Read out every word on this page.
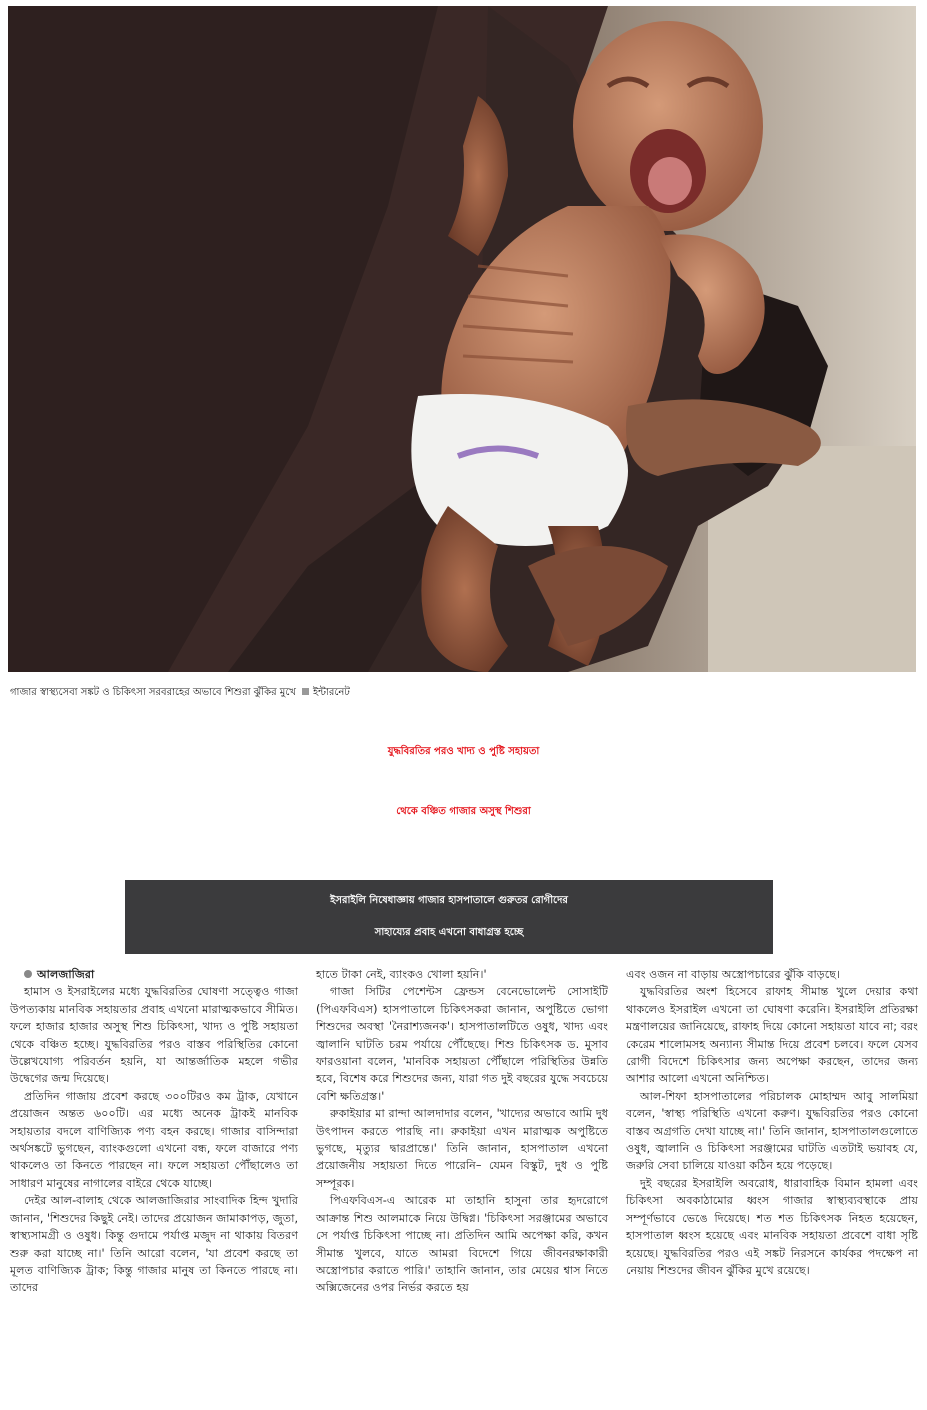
গাজার স্বাস্থ্যসেবা সঙ্কট ও চিকিৎসা সরবরাহের অভাবে শিশুরা ঝুঁকির মুখে ইন্টারনেট
যুদ্ধবিরতির পরও খাদ্য ও পুষ্টি সহায়তা
থেকে বঞ্চিত গাজার অসুস্থ শিশুরা
ইসরাইলি নিষেধাজ্ঞায় গাজার হাসপাতালে গুরুতর রোগীদের
সাহায্যের প্রবাহ এখনো বাধাগ্রস্ত হচ্ছে

আলজাজিরা

হামাস ও ইসরাইলের মধ্যে যুদ্ধবিরতির ঘোষণা সত্ত্বেও গাজা উপত্যকায় মানবিক সহায়তার প্রবাহ এখনো মারাত্মকভাবে সীমিত। ফলে হাজার হাজার অসুস্থ শিশু চিকিৎসা, খাদ্য ও পুষ্টি সহায়তা থেকে বঞ্চিত হচ্ছে। যুদ্ধবিরতির পরও বাস্তব পরিস্থিতির কোনো উল্লেখযোগ্য পরিবর্তন হয়নি, যা আন্তর্জাতিক মহলে গভীর উদ্বেগের জন্ম দিয়েছে।

প্রতিদিন গাজায় প্রবেশ করছে ৩০০টিরও কম ট্রাক, যেখানে প্রয়োজন অন্তত ৬০০টি। এর মধ্যে অনেক ট্রাকই মানবিক সহায়তার বদলে বাণিজ্যিক পণ্য বহন করছে। গাজার বাসিন্দারা অর্থসঙ্কটে ভুগছেন, ব্যাংকগুলো এখনো বন্ধ, ফলে বাজারে পণ্য থাকলেও তা কিনতে পারছেন না। ফলে সহায়তা পৌঁছালেও তা সাধারণ মানুষের নাগালের বাইরে থেকে যাচ্ছে।

দেইর আল-বালাহ থেকে আলজাজিরার সাংবাদিক হিন্দ খুদারি জানান, 'শিশুদের কিছুই নেই। তাদের প্রয়োজন জামাকাপড়, জুতা, স্বাস্থ্যসামগ্রী ও ওষুধ। কিন্তু গুদামে পর্যাপ্ত মজুদ না থাকায় বিতরণ শুরু করা যাচ্ছে না।' তিনি আরো বলেন, 'যা প্রবেশ করছে তা মূলত বাণিজ্যিক ট্রাক; কিন্তু গাজার মানুষ তা কিনতে পারছে না। তাদের

হাতে টাকা নেই, ব্যাংকও খোলা হয়নি।'

গাজা সিটির পেশেন্টস ফ্রেন্ডস বেনেভোলেন্ট সোসাইটি (পিএফবিএস) হাসপাতালে চিকিৎসকরা জানান, অপুষ্টিতে ভোগা শিশুদের অবস্থা 'নৈরাশ্যজনক'। হাসপাতালটিতে ওষুধ, খাদ্য এবং জ্বালানি ঘাটতি চরম পর্যায়ে পৌঁছেছে। শিশু চিকিৎসক ড. মুসাব ফারওয়ানা বলেন, 'মানবিক সহায়তা পৌঁছালে পরিস্থিতির উন্নতি হবে, বিশেষ করে শিশুদের জন্য, যারা গত দুই বছরের যুদ্ধে সবচেয়ে বেশি ক্ষতিগ্রস্ত।'

রুকাইয়ার মা রান্দা আলদাদার বলেন, 'খাদ্যের অভাবে আমি দুধ উৎপাদন করতে পারছি না। রুকাইয়া এখন মারাত্মক অপুষ্টিতে ভুগছে, মৃত্যুর দ্বারপ্রান্তে।' তিনি জানান, হাসপাতাল এখনো প্রয়োজনীয় সহায়তা দিতে পারেনি– যেমন বিস্কুট, দুধ ও পুষ্টি সম্পূরক।

পিএফবিএস-এ আরেক মা তাহানি হাসুনা তার হৃদরোগে আক্রান্ত শিশু আলমাকে নিয়ে উদ্বিগ্ন। 'চিকিৎসা সরঞ্জামের অভাবে সে পর্যাপ্ত চিকিৎসা পাচ্ছে না। প্রতিদিন আমি অপেক্ষা করি, কখন সীমান্ত খুলবে, যাতে আমরা বিদেশে গিয়ে জীবনরক্ষাকারী অস্ত্রোপচার করাতে পারি।' তাহানি জানান, তার মেয়ের শ্বাস নিতে অক্সিজেনের ওপর নির্ভর করতে হয়

এবং ওজন না বাড়ায় অস্ত্রোপচারের ঝুঁকি বাড়ছে।

যুদ্ধবিরতির অংশ হিসেবে রাফাহ সীমান্ত খুলে দেয়ার কথা থাকলেও ইসরাইল এখনো তা ঘোষণা করেনি। ইসরাইলি প্রতিরক্ষা মন্ত্রণালয়ের জানিয়েছে, রাফাহ দিয়ে কোনো সহায়তা যাবে না; বরং কেরেম শালোমসহ অন্যান্য সীমান্ত দিয়ে প্রবেশ চলবে। ফলে যেসব রোগী বিদেশে চিকিৎসার জন্য অপেক্ষা করছেন, তাদের জন্য আশার আলো এখনো অনিশ্চিত।

আল-শিফা হাসপাতালের পরিচালক মোহাম্মদ আবু সালমিয়া বলেন, 'স্বাস্থ্য পরিস্থিতি এখনো করুণ। যুদ্ধবিরতির পরও কোনো বাস্তব অগ্রগতি দেখা যাচ্ছে না।' তিনি জানান, হাসপাতালগুলোতে ওষুধ, জ্বালানি ও চিকিৎসা সরঞ্জামের ঘাটতি এতটাই ভয়াবহ যে, জরুরি সেবা চালিয়ে যাওয়া কঠিন হয়ে পড়েছে।

দুই বছরের ইসরাইলি অবরোধ, ধারাবাহিক বিমান হামলা এবং চিকিৎসা অবকাঠামোর ধ্বংস গাজার স্বাস্থ্যব্যবস্থাকে প্রায় সম্পূর্ণভাবে ভেঙে দিয়েছে। শত শত চিকিৎসক নিহত হয়েছেন, হাসপাতাল ধ্বংস হয়েছে এবং মানবিক সহায়তা প্রবেশে বাধা সৃষ্টি হয়েছে। যুদ্ধবিরতির পরও এই সঙ্কট নিরসনে কার্যকর পদক্ষেপ না নেয়ায় শিশুদের জীবন ঝুঁকির মুখে রয়েছে।
